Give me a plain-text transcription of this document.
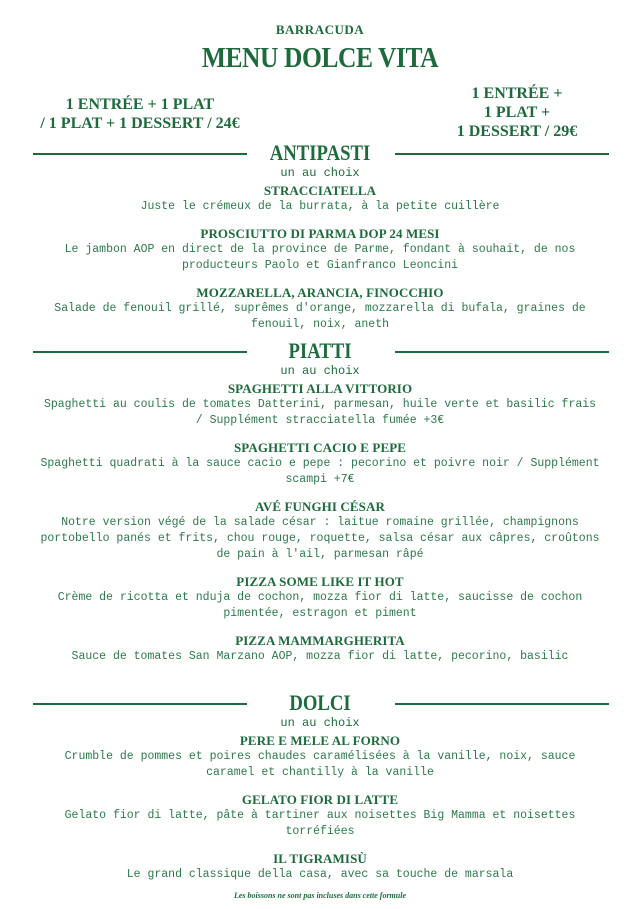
BARRACUDA
MENU DOLCE VITA
1 ENTRÉE + 1 PLAT
/ 1 PLAT + 1 DESSERT / 24€
1 ENTRÉE +
1 PLAT +
1 DESSERT / 29€
ANTIPASTI
un au choix
STRACCIATELLA
Juste le crémeux de la burrata, à la petite cuillère
PROSCIUTTO DI PARMA DOP 24 MESI
Le jambon AOP en direct de la province de Parme, fondant à souhait, de nos producteurs Paolo et Gianfranco Leoncini
MOZZARELLA, ARANCIA, FINOCCHIO
Salade de fenouil grillé, suprêmes d'orange, mozzarella di bufala, graines de fenouil, noix, aneth
PIATTI
un au choix
SPAGHETTI ALLA VITTORIO
Spaghetti au coulis de tomates Datterini, parmesan, huile verte et basilic frais / Supplément stracciatella fumée +3€
SPAGHETTI CACIO E PEPE
Spaghetti quadrati à la sauce cacio e pepe : pecorino et poivre noir / Supplément scampi +7€
AVÉ FUNGHI CÉSAR
Notre version végé de la salade césar : laitue romaine grillée, champignons portobello panés et frits, chou rouge, roquette, salsa césar aux câpres, croûtons de pain à l'ail, parmesan râpé
PIZZA SOME LIKE IT HOT
Crème de ricotta et nduja de cochon, mozza fior di latte, saucisse de cochon pimentée, estragon et piment
PIZZA MAMMARGHERITA
Sauce de tomates San Marzano AOP, mozza fior di latte, pecorino, basilic
DOLCI
un au choix
PERE E MELE AL FORNO
Crumble de pommes et poires chaudes caramélisées à la vanille, noix, sauce caramel et chantilly à la vanille
GELATO FIOR DI LATTE
Gelato fior di latte, pâte à tartiner aux noisettes Big Mamma et noisettes torréfiées
IL TIGRAMISÙ
Le grand classique della casa, avec sa touche de marsala
Les boissons ne sont pas incluses dans cette formule
